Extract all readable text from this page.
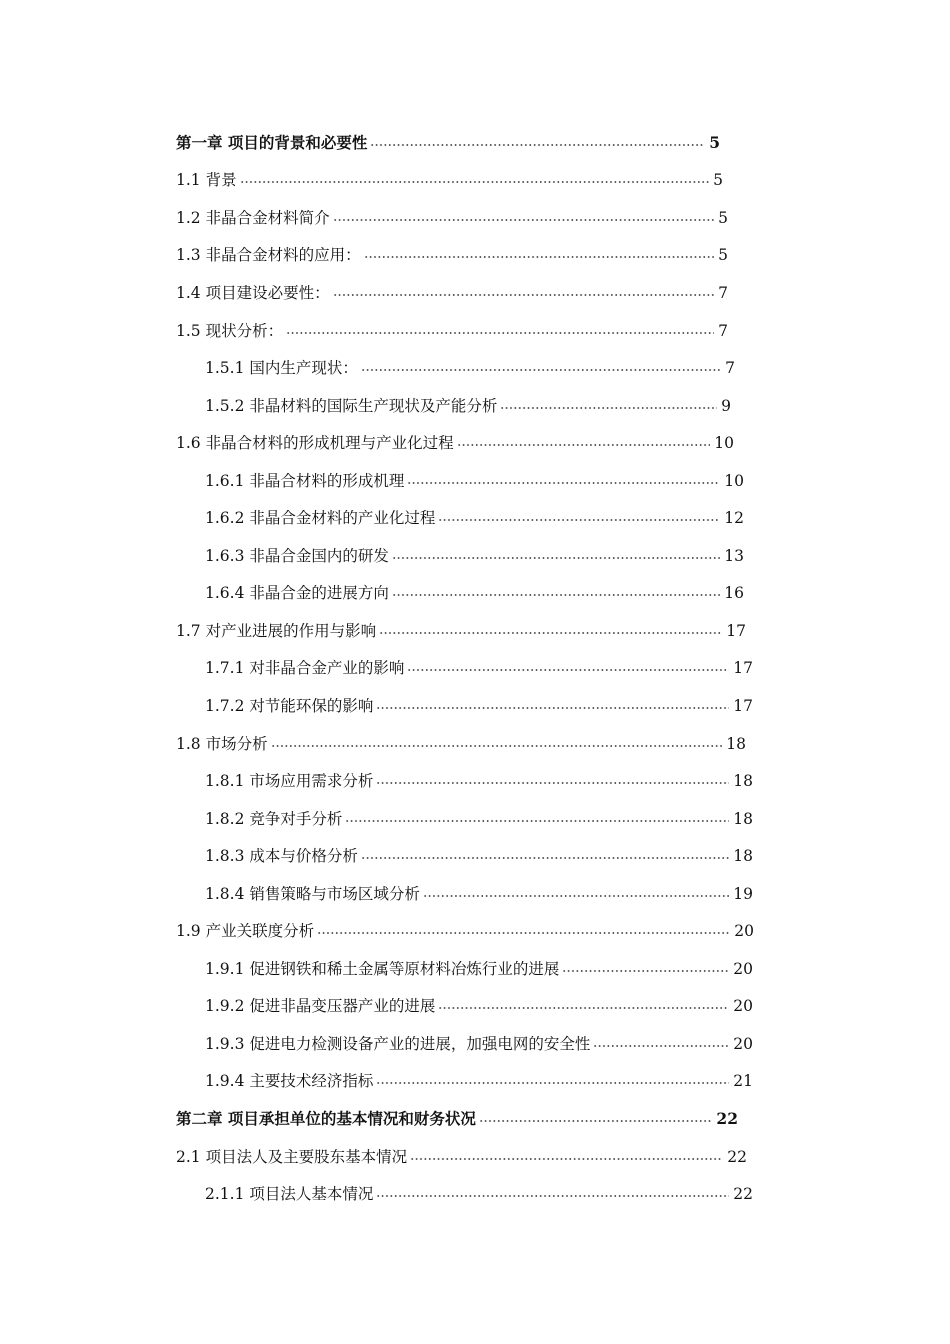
第一章 项目的背景和必要性	5
1.1 背景	5
1.2 非晶合金材料简介	5
1.3 非晶合金材料的应用：	5
1.4 项目建设必要性：	7
1.5 现状分析：	7
1.5.1 国内生产现状：	7
1.5.2 非晶材料的国际生产现状及产能分析	9
1.6 非晶合材料的形成机理与产业化过程	10
1.6.1 非晶合材料的形成机理	10
1.6.2 非晶合金材料的产业化过程	12
1.6.3 非晶合金国内的研发	13
1.6.4 非晶合金的进展方向	16
1.7 对产业进展的作用与影响	17
1.7.1 对非晶合金产业的影响	17
1.7.2 对节能环保的影响	17
1.8 市场分析	18
1.8.1 市场应用需求分析	18
1.8.2 竞争对手分析	18
1.8.3 成本与价格分析	18
1.8.4 销售策略与市场区域分析	19
1.9 产业关联度分析	20
1.9.1 促进钢铁和稀土金属等原材料冶炼行业的进展	20
1.9.2 促进非晶变压器产业的进展	20
1.9.3 促进电力检测设备产业的进展，加强电网的安全性	20
1.9.4 主要技术经济指标	21
第二章 项目承担单位的基本情况和财务状况	22
2.1 项目法人及主要股东基本情况	22
2.1.1 项目法人基本情况	22
